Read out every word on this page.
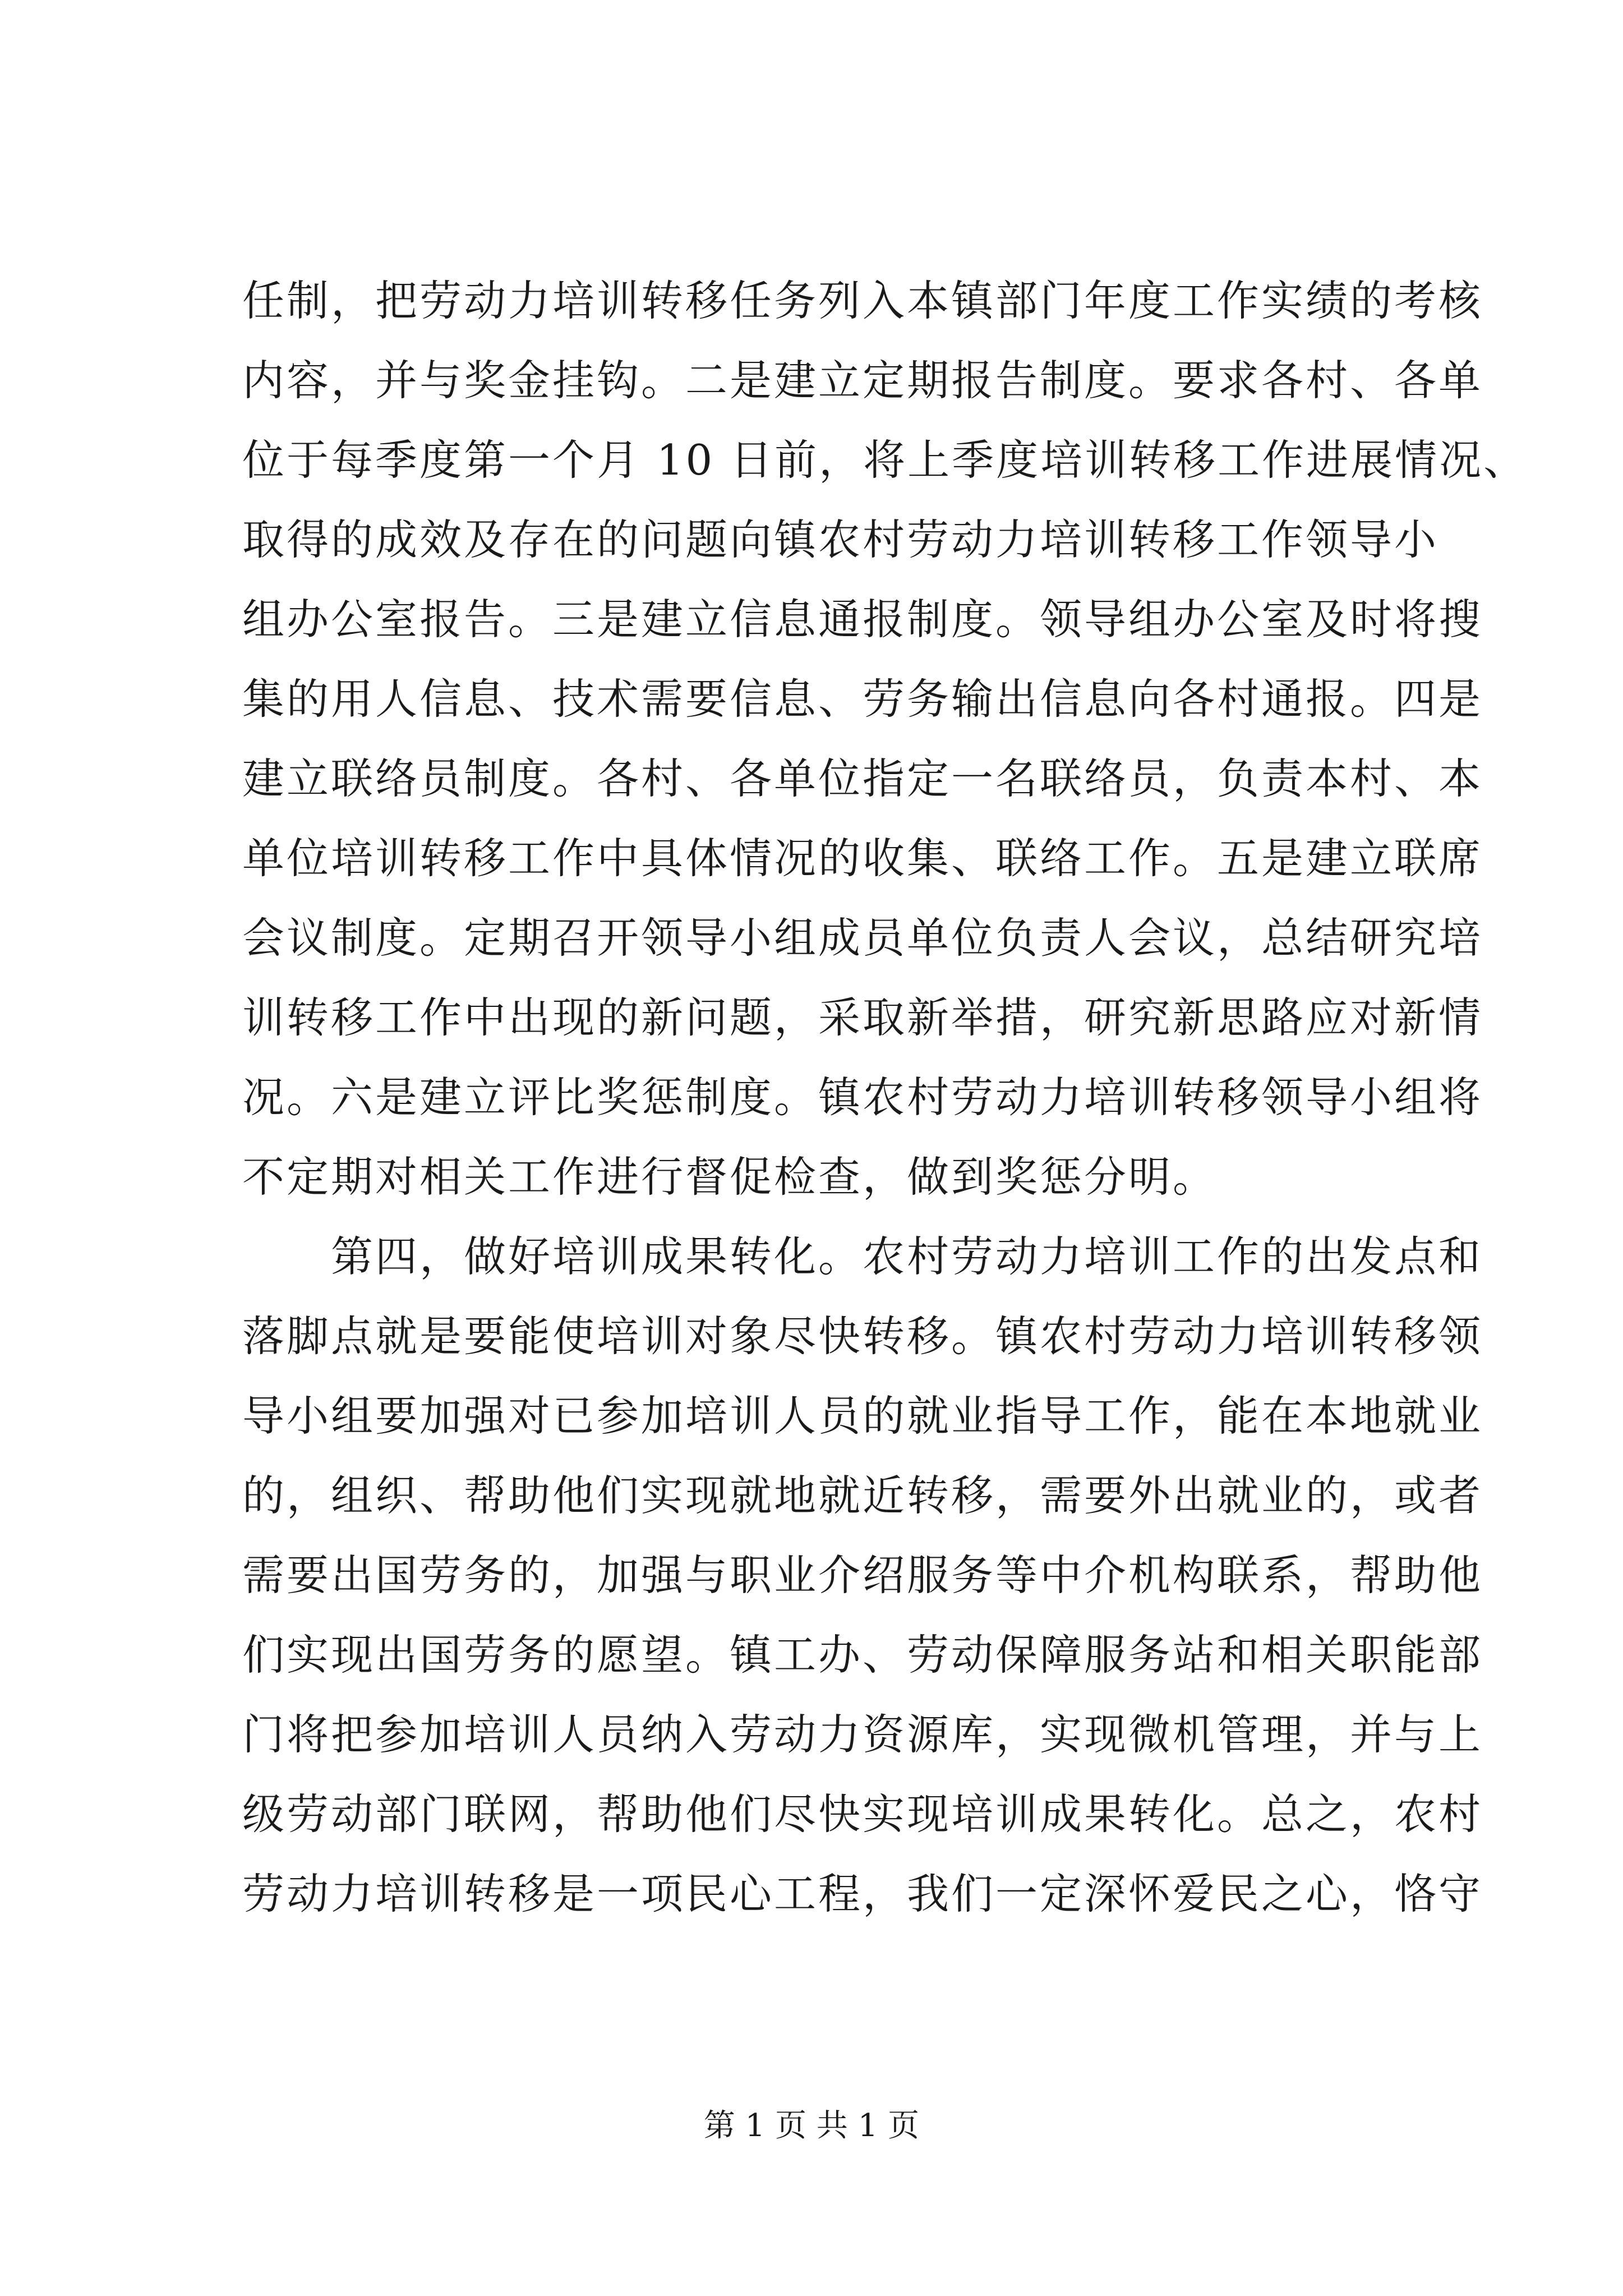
任制，把劳动力培训转移任务列入本镇部门年度工作实绩的考核
内容，并与奖金挂钩。二是建立定期报告制度。要求各村、各单
位于每季度第一个月 10 日前，将上季度培训转移工作进展情况、
取得的成效及存在的问题向镇农村劳动力培训转移工作领导小
组办公室报告。三是建立信息通报制度。领导组办公室及时将搜
集的用人信息、技术需要信息、劳务输出信息向各村通报。四是
建立联络员制度。各村、各单位指定一名联络员，负责本村、本
单位培训转移工作中具体情况的收集、联络工作。五是建立联席
会议制度。定期召开领导小组成员单位负责人会议，总结研究培
训转移工作中出现的新问题，采取新举措，研究新思路应对新情
况。六是建立评比奖惩制度。镇农村劳动力培训转移领导小组将
不定期对相关工作进行督促检查，做到奖惩分明。
　　第四，做好培训成果转化。农村劳动力培训工作的出发点和
落脚点就是要能使培训对象尽快转移。镇农村劳动力培训转移领
导小组要加强对已参加培训人员的就业指导工作，能在本地就业
的，组织、帮助他们实现就地就近转移，需要外出就业的，或者
需要出国劳务的，加强与职业介绍服务等中介机构联系，帮助他
们实现出国劳务的愿望。镇工办、劳动保障服务站和相关职能部
门将把参加培训人员纳入劳动力资源库，实现微机管理，并与上
级劳动部门联网，帮助他们尽快实现培训成果转化。总之，农村
劳动力培训转移是一项民心工程，我们一定深怀爱民之心，恪守
第 1 页 共 1 页
